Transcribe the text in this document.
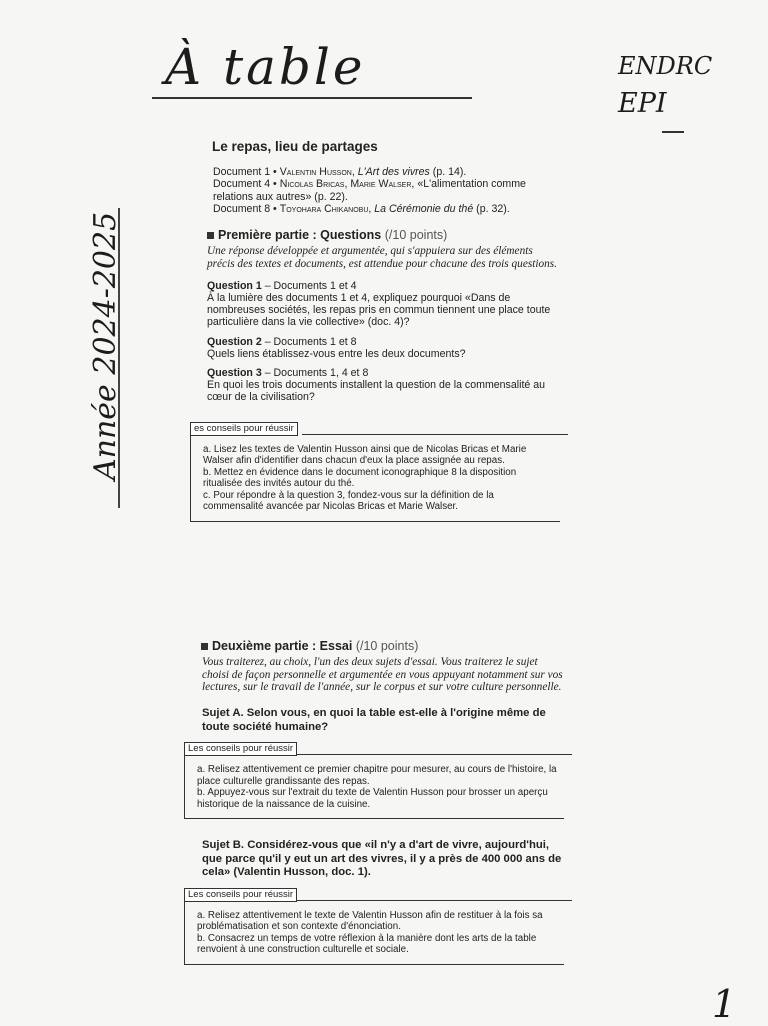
À table	ENDRC
EPI
Année 2024-2025
1
Le repas, lieu de partages
Document 1 • Valentin Husson, L'Art des vivres (p. 14).
Document 4 • Nicolas Bricas, Marie Walser, «L'alimentation comme relations aux autres» (p. 22).
Document 8 • Toyohara Chikanobu, La Cérémonie du thé (p. 32).
Première partie : Questions (/10 points)
Une réponse développée et argumentée, qui s'appuiera sur des éléments précis des textes et documents, est attendue pour chacune des trois questions.
Question 1 – Documents 1 et 4
À la lumière des documents 1 et 4, expliquez pourquoi «Dans de nombreuses sociétés, les repas pris en commun tiennent une place toute particulière dans la vie collective» (doc. 4)?
Question 2 – Documents 1 et 8
Quels liens établissez-vous entre les deux documents?
Question 3 – Documents 1, 4 et 8
En quoi les trois documents installent la question de la commensalité au cœur de la civilisation?
es conseils pour réussir
a. Lisez les textes de Valentin Husson ainsi que de Nicolas Bricas et Marie Walser afin d'identifier dans chacun d'eux la place assignée au repas.
b. Mettez en évidence dans le document iconographique 8 la disposition ritualisée des invités autour du thé.
c. Pour répondre à la question 3, fondez-vous sur la définition de la commensalité avancée par Nicolas Bricas et Marie Walser.
Deuxième partie : Essai (/10 points)
Vous traiterez, au choix, l'un des deux sujets d'essai. Vous traiterez le sujet choisi de façon personnelle et argumentée en vous appuyant notamment sur vos lectures, sur le travail de l'année, sur le corpus et sur votre culture personnelle.
Sujet A. Selon vous, en quoi la table est-elle à l'origine même de toute société humaine?
Les conseils pour réussir
a. Relisez attentivement ce premier chapitre pour mesurer, au cours de l'histoire, la place culturelle grandissante des repas.
b. Appuyez-vous sur l'extrait du texte de Valentin Husson pour brosser un aperçu historique de la naissance de la cuisine.
Sujet B. Considérez-vous que «il n'y a d'art de vivre, aujourd'hui, que parce qu'il y eut un art des vivres, il y a près de 400 000 ans de cela» (Valentin Husson, doc. 1).
Les conseils pour réussir
a. Relisez attentivement le texte de Valentin Husson afin de restituer à la fois sa problématisation et son contexte d'énonciation.
b. Consacrez un temps de votre réflexion à la manière dont les arts de la table renvoient à une construction culturelle et sociale.
